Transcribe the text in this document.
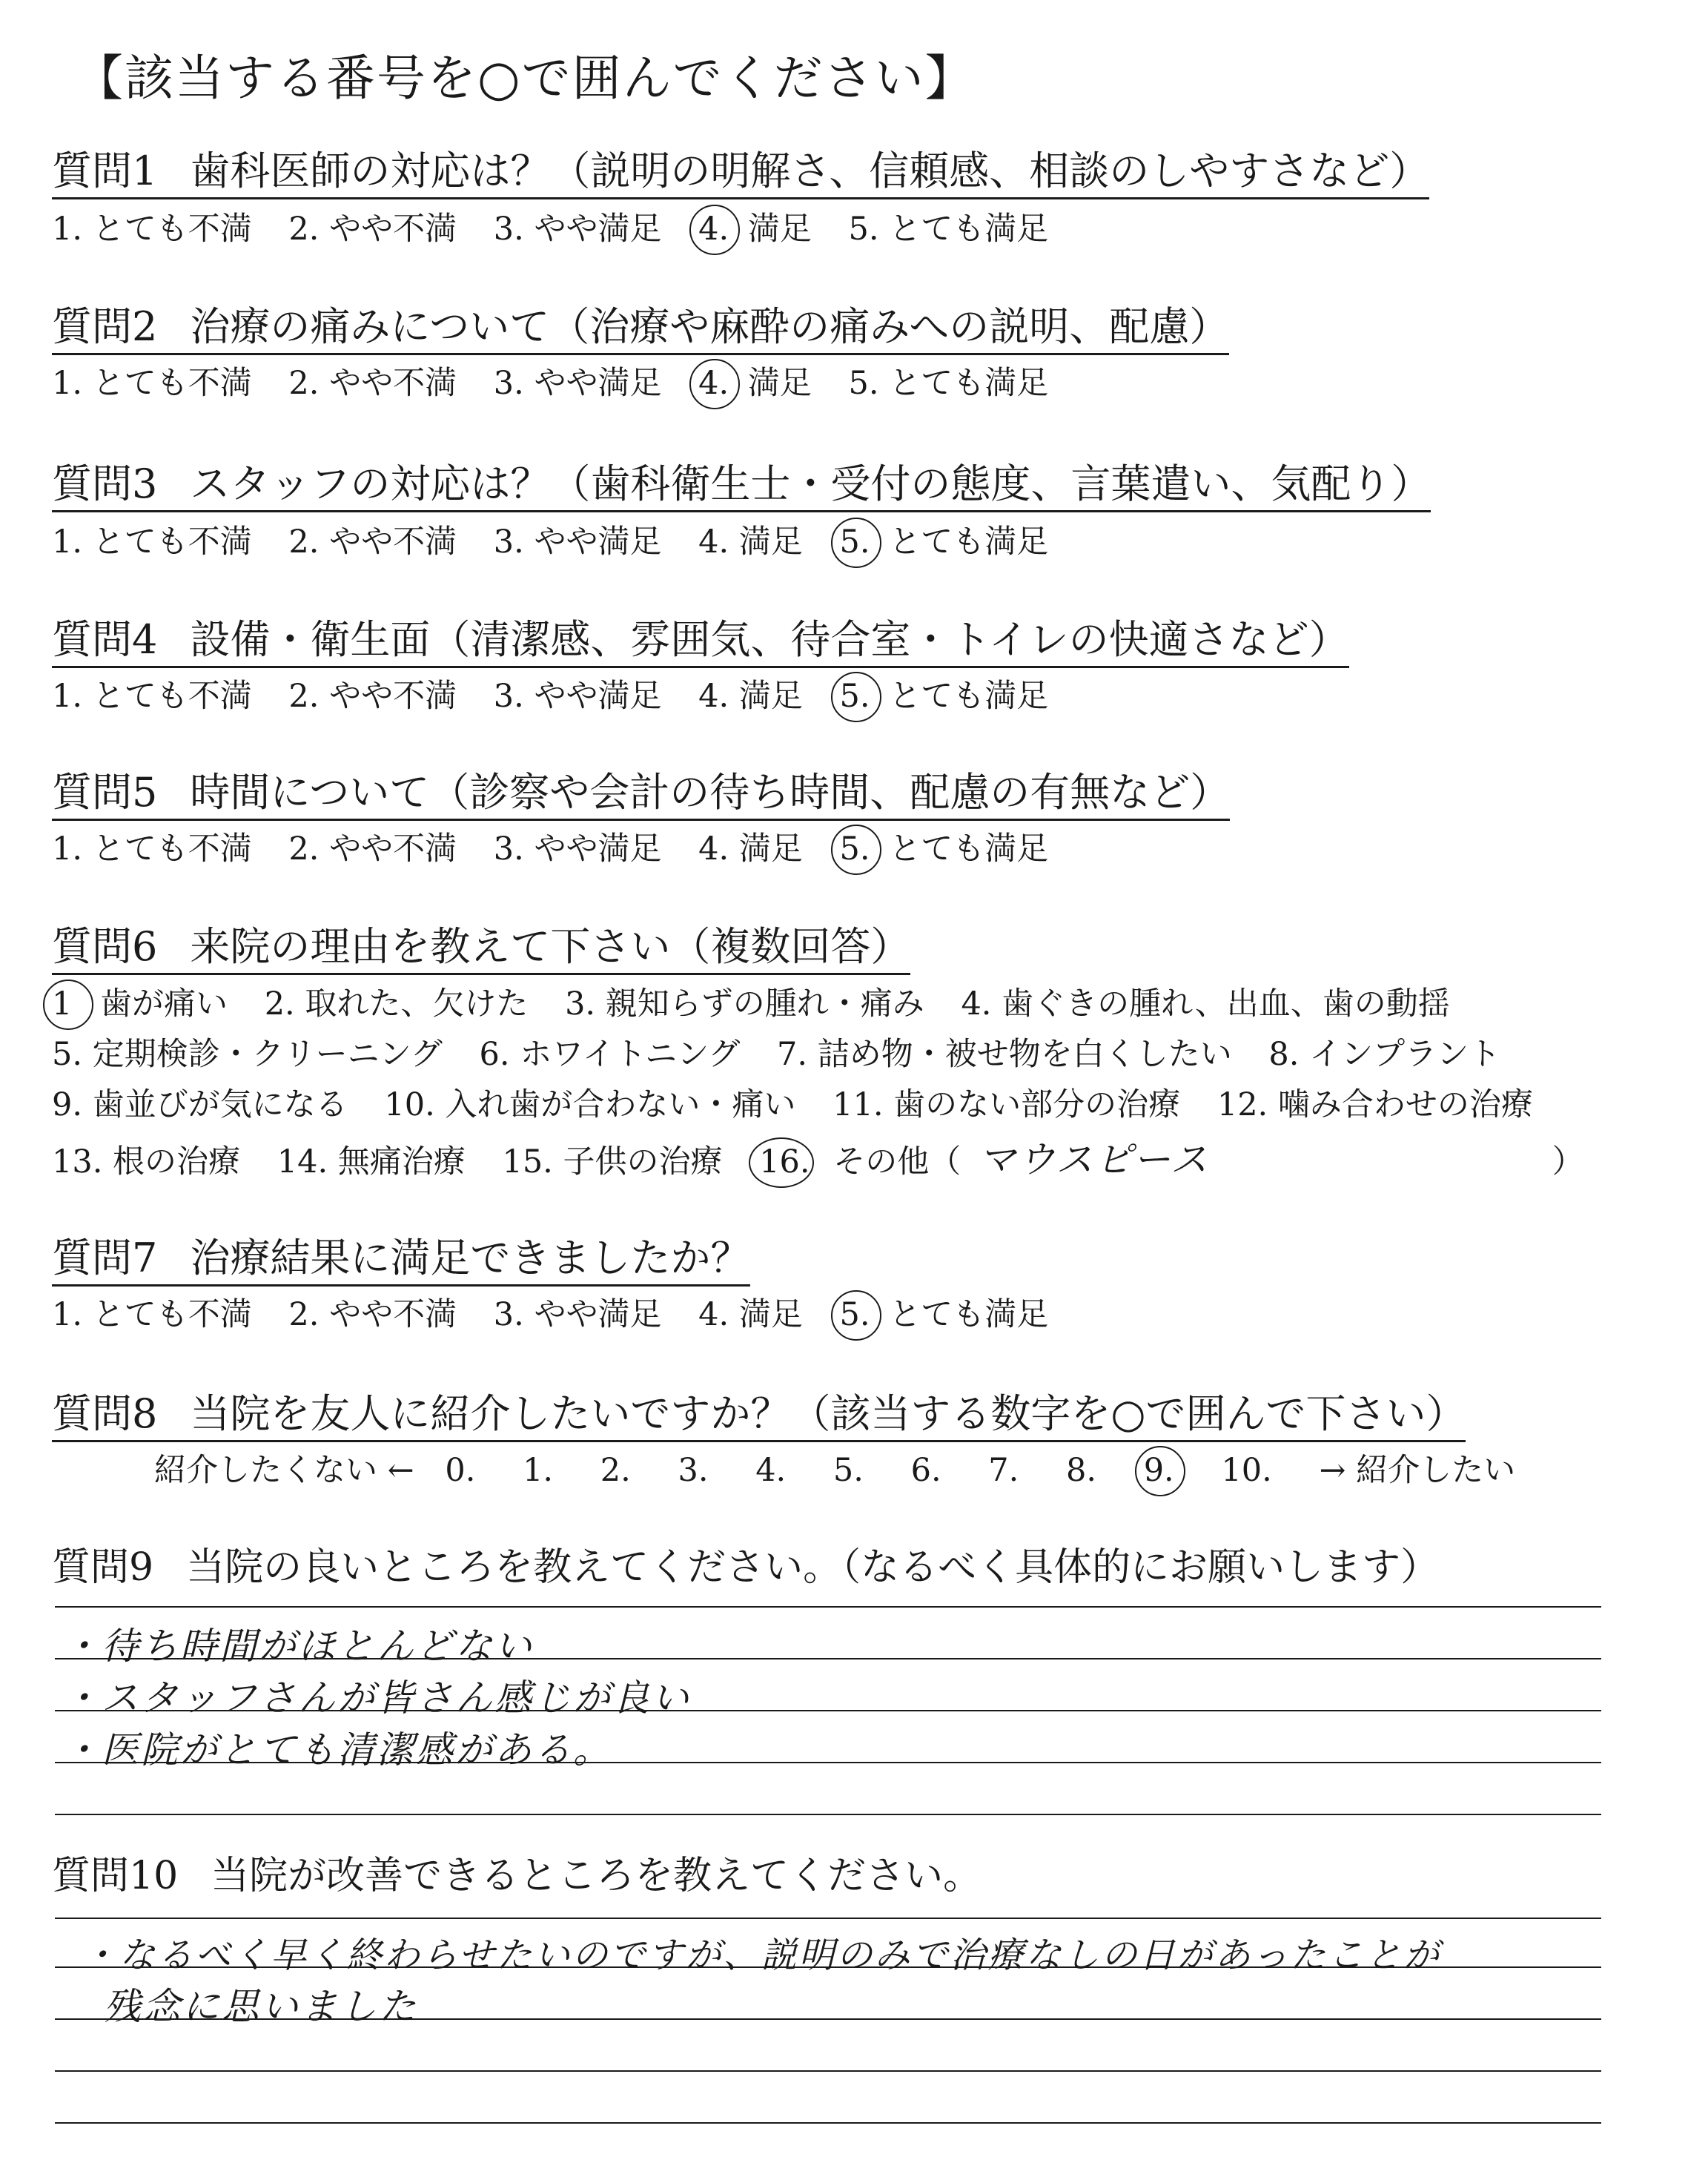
【該当する番号を○で囲んでください】
質問1 歯科医師の対応は？（説明の明解さ、信頼感、相談のしやすさなど）
1. とても不満 2. やや不満 3. やや満足 4. 満足 5. とても満足
質問2 治療の痛みについて（治療や麻酔の痛みへの説明、配慮）
1. とても不満 2. やや不満 3. やや満足 4. 満足 5. とても満足
質問3 スタッフの対応は？（歯科衛生士・受付の態度、言葉遣い、気配り）
1. とても不満 2. やや不満 3. やや満足 4. 満足 5. とても満足
質問4 設備・衛生面（清潔感、雰囲気、待合室・トイレの快適さなど）
1. とても不満 2. やや不満 3. やや満足 4. 満足 5. とても満足
質問5 時間について（診察や会計の待ち時間、配慮の有無など）
1. とても不満 2. やや不満 3. やや満足 4. 満足 5. とても満足
質問6 来院の理由を教えて下さい（複数回答）
1 歯が痛い 2. 取れた、欠けた 3. 親知らずの腫れ・痛み 4. 歯ぐきの腫れ、出血、歯の動揺
5. 定期検診・クリーニング 6. ホワイトニング 7. 詰め物・被せ物を白くしたい 8. インプラント
9. 歯並びが気になる 10. 入れ歯が合わない・痛い 11. 歯のない部分の治療 12. 噛み合わせの治療
13. 根の治療 14. 無痛治療 15. 子供の治療 16. その他（ マウスピース	）
質問7 治療結果に満足できましたか？
1. とても不満 2. やや不満 3. やや満足 4. 満足 5. とても満足
質問8 当院を友人に紹介したいですか？（該当する数字を○で囲んで下さい）
紹介したくない ← 0. 1. 2. 3. 4. 5. 6. 7. 8. 9. 10. → 紹介したい
質問9 当院の良いところを教えてください。（なるべく具体的にお願いします）
・待ち時間がほとんどない
・スタッフさんが皆さん感じが良い
・医院がとても清潔感がある。
質問10 当院が改善できるところを教えてください。
・なるべく早く終わらせたいのですが、説明のみで治療なしの日があったことが
残念に思いました
